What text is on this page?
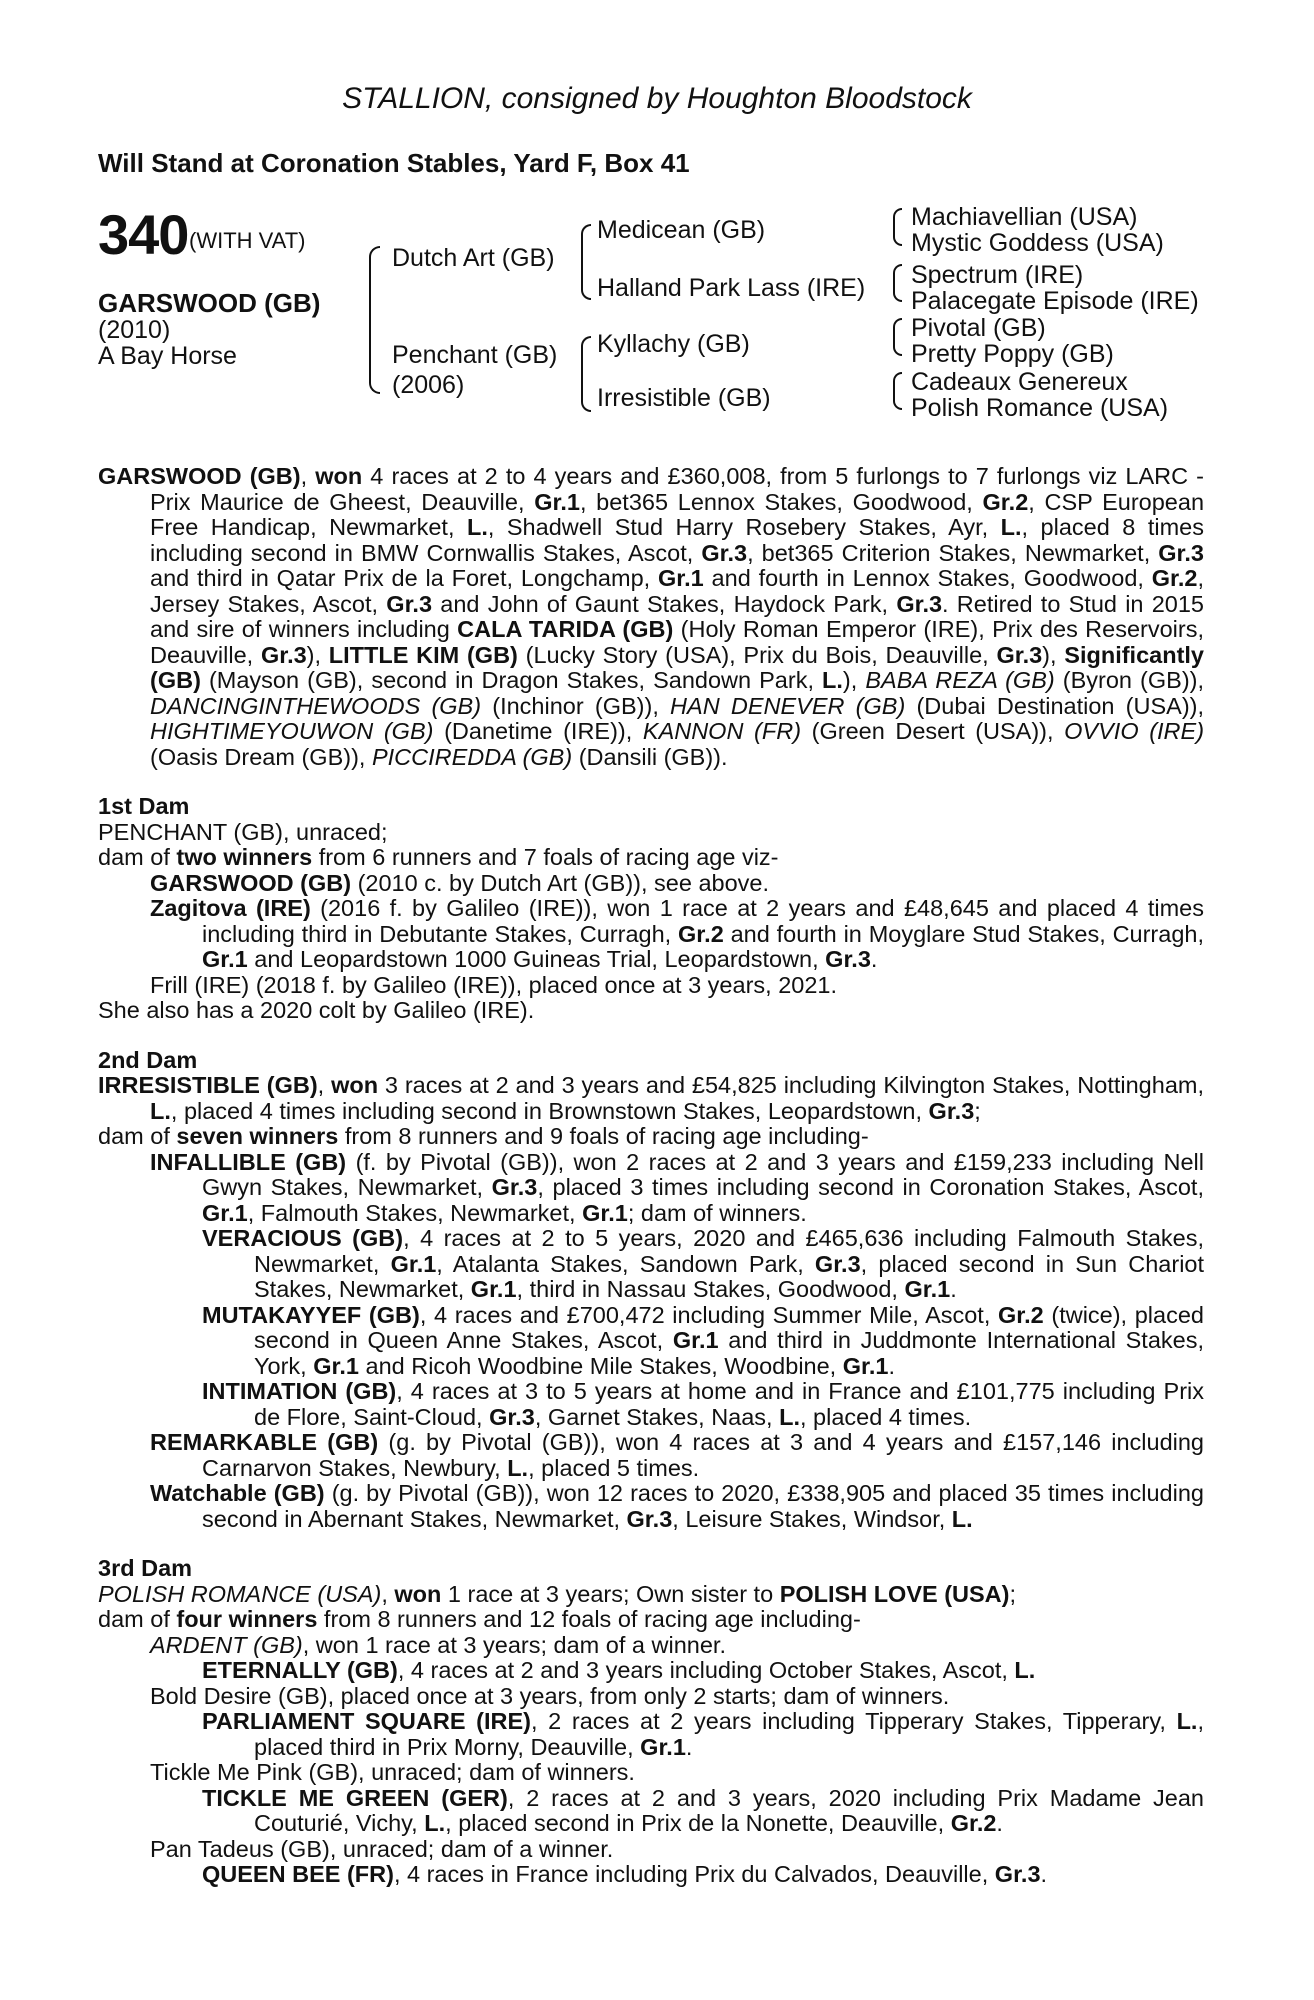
STALLION, consigned by Houghton Bloodstock
Will Stand at Coronation Stables, Yard F, Box 41
340 (WITH VAT)
GARSWOOD (GB)
(2010)
A Bay Horse
Dutch Art (GB)
Penchant (GB)
(2006)
Medicean (GB)
Halland Park Lass (IRE)
Kyllachy (GB)
Irresistible (GB)
Machiavellian (USA)
Mystic Goddess (USA)
Spectrum (IRE)
Palacegate Episode (IRE)
Pivotal (GB)
Pretty Poppy (GB)
Cadeaux Genereux
Polish Romance (USA)

GARSWOOD (GB), won 4 races at 2 to 4 years and £360,008, from 5 furlongs to 7 furlongs viz LARC - Prix Maurice de Gheest, Deauville, Gr.1, bet365 Lennox Stakes, Goodwood, Gr.2, CSP European Free Handicap, Newmarket, L., Shadwell Stud Harry Rosebery Stakes, Ayr, L., placed 8 times including second in BMW Cornwallis Stakes, Ascot, Gr.3, bet365 Criterion Stakes, Newmarket, Gr.3 and third in Qatar Prix de la Foret, Longchamp, Gr.1 and fourth in Lennox Stakes, Goodwood, Gr.2, Jersey Stakes, Ascot, Gr.3 and John of Gaunt Stakes, Haydock Park, Gr.3. Retired to Stud in 2015 and sire of winners including CALA TARIDA (GB) (Holy Roman Emperor (IRE), Prix des Reservoirs, Deauville, Gr.3), LITTLE KIM (GB) (Lucky Story (USA), Prix du Bois, Deauville, Gr.3), Significantly (GB) (Mayson (GB), second in Dragon Stakes, Sandown Park, L.), BABA REZA (GB) (Byron (GB)), DANCINGINTHEWOODS (GB) (Inchinor (GB)), HAN DENEVER (GB) (Dubai Destination (USA)), HIGHTIMEYOUWON (GB) (Danetime (IRE)), KANNON (FR) (Green Desert (USA)), OVVIO (IRE) (Oasis Dream (GB)), PICCIREDDA (GB) (Dansili (GB)).

1st Dam

PENCHANT (GB), unraced;

dam of two winners from 6 runners and 7 foals of racing age viz-

GARSWOOD (GB) (2010 c. by Dutch Art (GB)), see above.

Zagitova (IRE) (2016 f. by Galileo (IRE)), won 1 race at 2 years and £48,645 and placed 4 times including third in Debutante Stakes, Curragh, Gr.2 and fourth in Moyglare Stud Stakes, Curragh, Gr.1 and Leopardstown 1000 Guineas Trial, Leopardstown, Gr.3.

Frill (IRE) (2018 f. by Galileo (IRE)), placed once at 3 years, 2021.

She also has a 2020 colt by Galileo (IRE).

2nd Dam

IRRESISTIBLE (GB), won 3 races at 2 and 3 years and £54,825 including Kilvington Stakes, Nottingham, L., placed 4 times including second in Brownstown Stakes, Leopardstown, Gr.3;

dam of seven winners from 8 runners and 9 foals of racing age including-

INFALLIBLE (GB) (f. by Pivotal (GB)), won 2 races at 2 and 3 years and £159,233 including Nell Gwyn Stakes, Newmarket, Gr.3, placed 3 times including second in Coronation Stakes, Ascot, Gr.1, Falmouth Stakes, Newmarket, Gr.1; dam of winners.

VERACIOUS (GB), 4 races at 2 to 5 years, 2020 and £465,636 including Falmouth Stakes, Newmarket, Gr.1, Atalanta Stakes, Sandown Park, Gr.3, placed second in Sun Chariot Stakes, Newmarket, Gr.1, third in Nassau Stakes, Goodwood, Gr.1.

MUTAKAYYEF (GB), 4 races and £700,472 including Summer Mile, Ascot, Gr.2 (twice), placed second in Queen Anne Stakes, Ascot, Gr.1 and third in Juddmonte International Stakes, York, Gr.1 and Ricoh Woodbine Mile Stakes, Woodbine, Gr.1.

INTIMATION (GB), 4 races at 3 to 5 years at home and in France and £101,775 including Prix de Flore, Saint-Cloud, Gr.3, Garnet Stakes, Naas, L., placed 4 times.

REMARKABLE (GB) (g. by Pivotal (GB)), won 4 races at 3 and 4 years and £157,146 including Carnarvon Stakes, Newbury, L., placed 5 times.

Watchable (GB) (g. by Pivotal (GB)), won 12 races to 2020, £338,905 and placed 35 times including second in Abernant Stakes, Newmarket, Gr.3, Leisure Stakes, Windsor, L.

3rd Dam

POLISH ROMANCE (USA), won 1 race at 3 years; Own sister to POLISH LOVE (USA);

dam of four winners from 8 runners and 12 foals of racing age including-

ARDENT (GB), won 1 race at 3 years; dam of a winner.

ETERNALLY (GB), 4 races at 2 and 3 years including October Stakes, Ascot, L.

Bold Desire (GB), placed once at 3 years, from only 2 starts; dam of winners.

PARLIAMENT SQUARE (IRE), 2 races at 2 years including Tipperary Stakes, Tipperary, L., placed third in Prix Morny, Deauville, Gr.1.

Tickle Me Pink (GB), unraced; dam of winners.

TICKLE ME GREEN (GER), 2 races at 2 and 3 years, 2020 including Prix Madame Jean Couturié, Vichy, L., placed second in Prix de la Nonette, Deauville, Gr.2.

Pan Tadeus (GB), unraced; dam of a winner.

QUEEN BEE (FR), 4 races in France including Prix du Calvados, Deauville, Gr.3.
